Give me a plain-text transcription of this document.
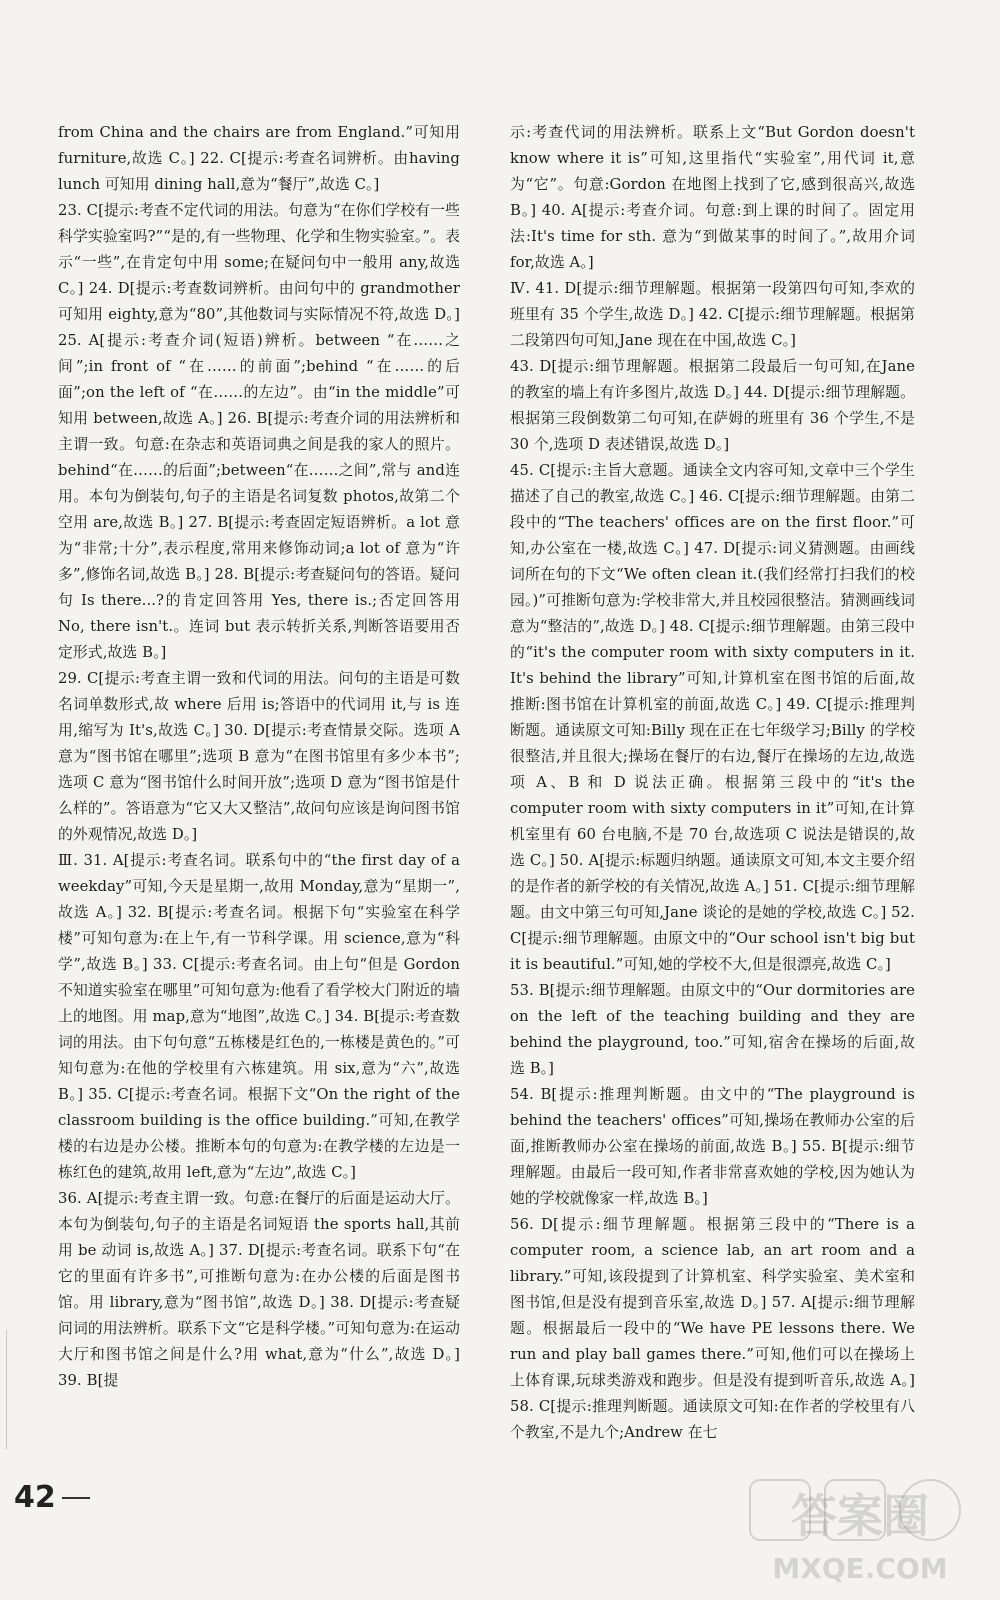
from China and the chairs are from England.”可知用furniture,故选 C。] 22. C[提示:考查名词辨析。由having lunch 可知用 dining hall,意为“餐厅”,故选 C。]

23. C[提示:考查不定代词的用法。句意为“在你们学校有一些科学实验室吗?”“是的,有一些物理、化学和生物实验室。”。表示“一些”,在肯定句中用 some;在疑问句中一般用 any,故选 C。] 24. D[提示:考查数词辨析。由问句中的 grandmother 可知用 eighty,意为“80”,其他数词与实际情况不符,故选 D。] 25. A[提示:考查介词(短语)辨析。between “在……之间”;in front of “在……的前面”;behind “在……的后面”;on the left of “在……的左边”。由“in the middle”可知用 between,故选 A。] 26. B[提示:考查介词的用法辨析和主谓一致。句意:在杂志和英语词典之间是我的家人的照片。behind“在……的后面”;between“在……之间”,常与 and连用。本句为倒装句,句子的主语是名词复数 photos,故第二个空用 are,故选 B。] 27. B[提示:考查固定短语辨析。a lot 意为“非常;十分”,表示程度,常用来修饰动词;a lot of 意为“许多”,修饰名词,故选 B。] 28. B[提示:考查疑问句的答语。疑问句 Is there...?的肯定回答用 Yes, there is.;否定回答用 No, there isn't.。连词 but 表示转折关系,判断答语要用否定形式,故选 B。]

29. C[提示:考查主谓一致和代词的用法。问句的主语是可数名词单数形式,故 where 后用 is;答语中的代词用 it,与 is 连用,缩写为 It's,故选 C。] 30. D[提示:考查情景交际。选项 A 意为“图书馆在哪里”;选项 B 意为“在图书馆里有多少本书”;选项 C 意为“图书馆什么时间开放”;选项 D 意为“图书馆是什么样的”。答语意为“它又大又整洁”,故问句应该是询问图书馆的外观情况,故选 D。]

Ⅲ. 31. A[提示:考查名词。联系句中的“the first day of a weekday”可知,今天是星期一,故用 Monday,意为“星期一”,故选 A。] 32. B[提示:考查名词。根据下句“实验室在科学楼”可知句意为:在上午,有一节科学课。用 science,意为“科学”,故选 B。] 33. C[提示:考查名词。由上句“但是 Gordon 不知道实验室在哪里”可知句意为:他看了看学校大门附近的墙上的地图。用 map,意为“地图”,故选 C。] 34. B[提示:考查数词的用法。由下句句意“五栋楼是红色的,一栋楼是黄色的。”可知句意为:在他的学校里有六栋建筑。用 six,意为“六”,故选 B。] 35. C[提示:考查名词。根据下文“On the right of the classroom building is the office building.”可知,在教学楼的右边是办公楼。推断本句的句意为:在教学楼的左边是一栋红色的建筑,故用 left,意为“左边”,故选 C。]

36. A[提示:考查主谓一致。句意:在餐厅的后面是运动大厅。本句为倒装句,句子的主语是名词短语 the sports hall,其前用 be 动词 is,故选 A。] 37. D[提示:考查名词。联系下句“在它的里面有许多书”,可推断句意为:在办公楼的后面是图书馆。用 library,意为“图书馆”,故选 D。] 38. D[提示:考查疑问词的用法辨析。联系下文“它是科学楼。”可知句意为:在运动大厅和图书馆之间是什么?用 what,意为“什么”,故选 D。] 39. B[提

示:考查代词的用法辨析。联系上文“But Gordon doesn't know where it is”可知,这里指代“实验室”,用代词 it,意为“它”。句意:Gordon 在地图上找到了它,感到很高兴,故选 B。] 40. A[提示:考查介词。句意:到上课的时间了。固定用法:It's time for sth. 意为“到做某事的时间了。”,故用介词 for,故选 A。]

Ⅳ. 41. D[提示:细节理解题。根据第一段第四句可知,李欢的班里有 35 个学生,故选 D。] 42. C[提示:细节理解题。根据第二段第四句可知,Jane 现在在中国,故选 C。]

43. D[提示:细节理解题。根据第二段最后一句可知,在Jane 的教室的墙上有许多图片,故选 D。] 44. D[提示:细节理解题。根据第三段倒数第二句可知,在萨姆的班里有 36 个学生,不是 30 个,选项 D 表述错误,故选 D。]

45. C[提示:主旨大意题。通读全文内容可知,文章中三个学生描述了自己的教室,故选 C。] 46. C[提示:细节理解题。由第二段中的“The teachers' offices are on the first floor.”可知,办公室在一楼,故选 C。] 47. D[提示:词义猜测题。由画线词所在句的下文“We often clean it.(我们经常打扫我们的校园。)”可推断句意为:学校非常大,并且校园很整洁。猜测画线词意为“整洁的”,故选 D。] 48. C[提示:细节理解题。由第三段中的“it's the computer room with sixty computers in it. It's behind the library”可知,计算机室在图书馆的后面,故推断:图书馆在计算机室的前面,故选 C。] 49. C[提示:推理判断题。通读原文可知:Billy 现在正在七年级学习;Billy 的学校很整洁,并且很大;操场在餐厅的右边,餐厅在操场的左边,故选项 A、B 和 D 说法正确。根据第三段中的“it's the computer room with sixty computers in it”可知,在计算机室里有 60 台电脑,不是 70 台,故选项 C 说法是错误的,故选 C。] 50. A[提示:标题归纳题。通读原文可知,本文主要介绍的是作者的新学校的有关情况,故选 A。] 51. C[提示:细节理解题。由文中第三句可知,Jane 谈论的是她的学校,故选 C。] 52. C[提示:细节理解题。由原文中的“Our school isn't big but it is beautiful.”可知,她的学校不大,但是很漂亮,故选 C。]

53. B[提示:细节理解题。由原文中的“Our dormitories are on the left of the teaching building and they are behind the playground, too.”可知,宿舍在操场的后面,故选 B。]

54. B[提示:推理判断题。由文中的“The playground is behind the teachers' offices”可知,操场在教师办公室的后面,推断教师办公室在操场的前面,故选 B。] 55. B[提示:细节理解题。由最后一段可知,作者非常喜欢她的学校,因为她认为她的学校就像家一样,故选 B。]

56. D[提示:细节理解题。根据第三段中的“There is a computer room, a science lab, an art room and a library.”可知,该段提到了计算机室、科学实验室、美术室和图书馆,但是没有提到音乐室,故选 D。] 57. A[提示:细节理解题。根据最后一段中的“We have PE lessons there. We run and play ball games there.”可知,他们可以在操场上上体育课,玩球类游戏和跑步。但是没有提到听音乐,故选 A。] 58. C[提示:推理判断题。通读原文可知:在作者的学校里有八个教室,不是九个;Andrew 在七

42	答案圈
MXQE.COM
